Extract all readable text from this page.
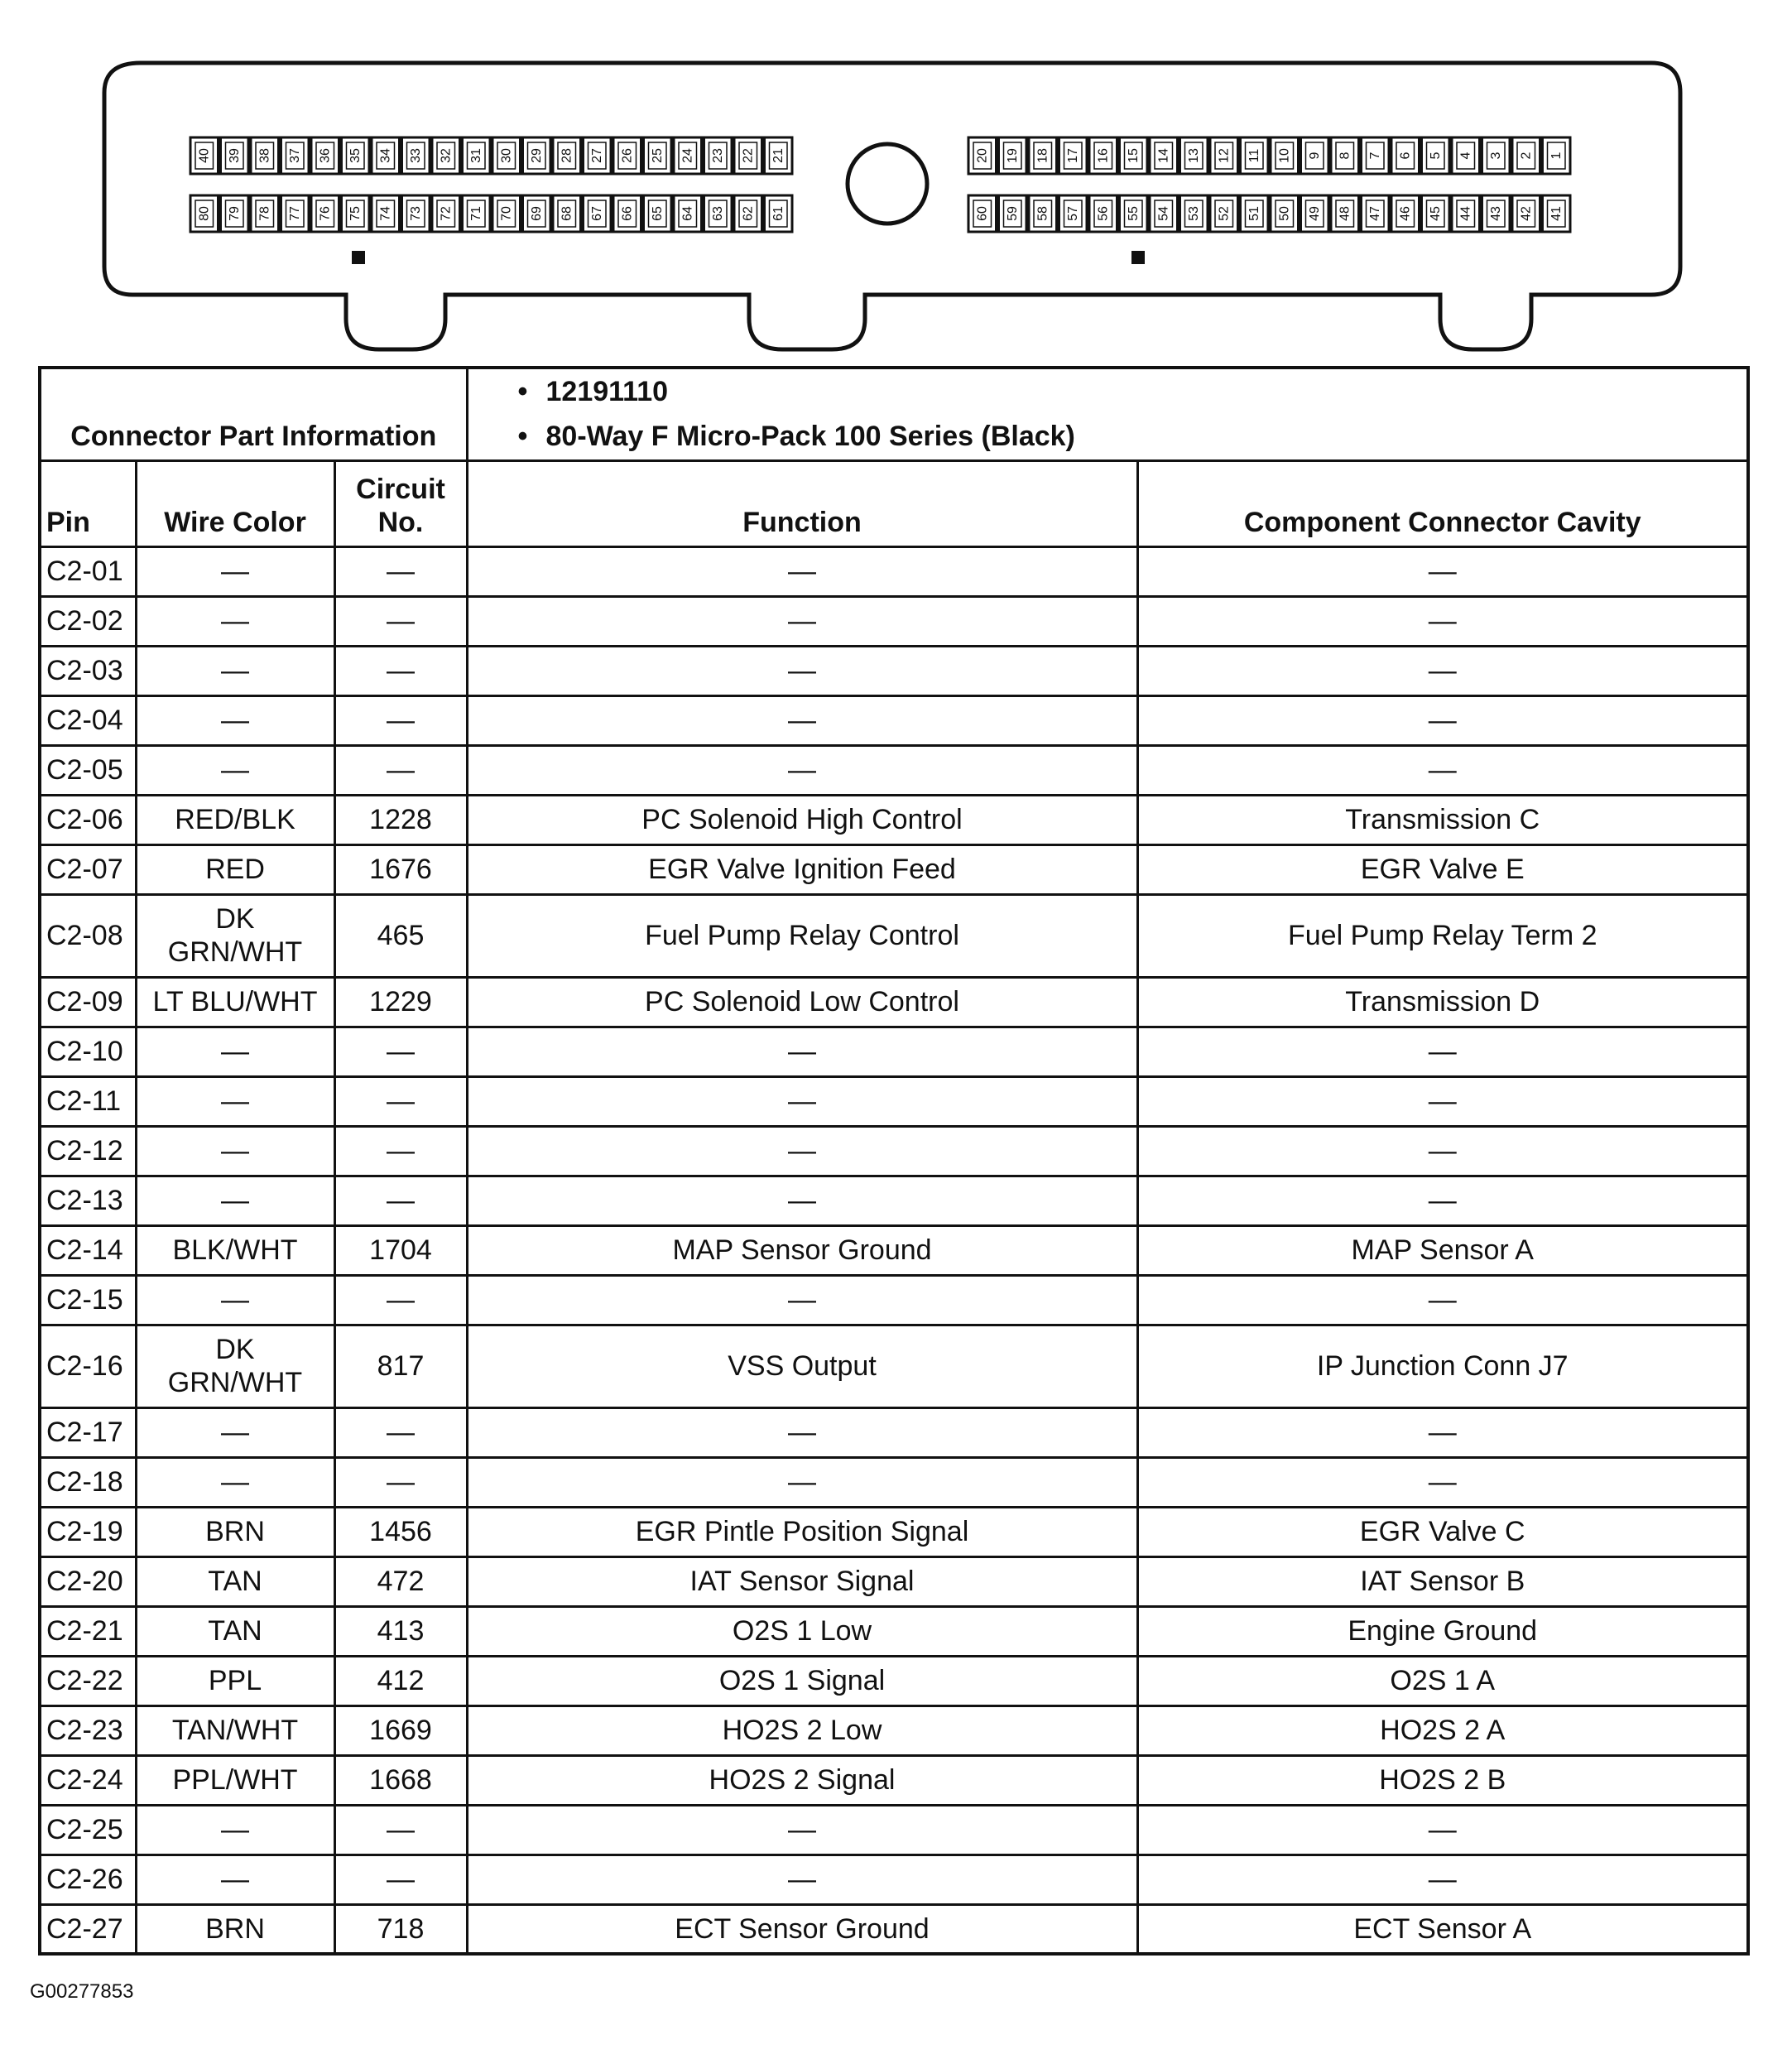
40 39 38 37 36 35 34 33 32 31 30 29 28 27 26 25 24 23 22 21
80 79 78 77 76 75 74 73 72 71 70 69 68 67 66 65 64 63 62 61
20 19 18 17 16 15 14 13 12 11 10 9 8 7 6 5 4 3 2 1
60 59 58 57 56 55 54 53 52 51 50 49 48 47 46 45 44 43 42 41
Connector Part Information			• 12191110
• 80-Way F Micro-Pack 100 Series (Black)	

Pin	Wire Color	Circuit
No.	Function	Component Connector Cavity
C2-01	—	—	—	—
C2-02	—	—	—	—
C2-03	—	—	—	—
C2-04	—	—	—	—
C2-05	—	—	—	—
C2-06	RED/BLK	1228	PC Solenoid High Control	Transmission C
C2-07	RED	1676	EGR Valve Ignition Feed	EGR Valve E
C2-08	DK
GRN/WHT	465	Fuel Pump Relay Control	Fuel Pump Relay Term 2
C2-09	LT BLU/WHT	1229	PC Solenoid Low Control	Transmission D
C2-10	—	—	—	—
C2-11	—	—	—	—
C2-12	—	—	—	—
C2-13	—	—	—	—
C2-14	BLK/WHT	1704	MAP Sensor Ground	MAP Sensor A
C2-15	—	—	—	—
C2-16	DK
GRN/WHT	817	VSS Output	IP Junction Conn J7
C2-17	—	—	—	—
C2-18	—	—	—	—
C2-19	BRN	1456	EGR Pintle Position Signal	EGR Valve C
C2-20	TAN	472	IAT Sensor Signal	IAT Sensor B
C2-21	TAN	413	O2S 1 Low	Engine Ground
C2-22	PPL	412	O2S 1 Signal	O2S 1 A
C2-23	TAN/WHT	1669	HO2S 2 Low	HO2S 2 A
C2-24	PPL/WHT	1668	HO2S 2 Signal	HO2S 2 B
C2-25	—	—	—	—
C2-26	—	—	—	—
C2-27	BRN	718	ECT Sensor Ground	ECT Sensor A
G00277853
